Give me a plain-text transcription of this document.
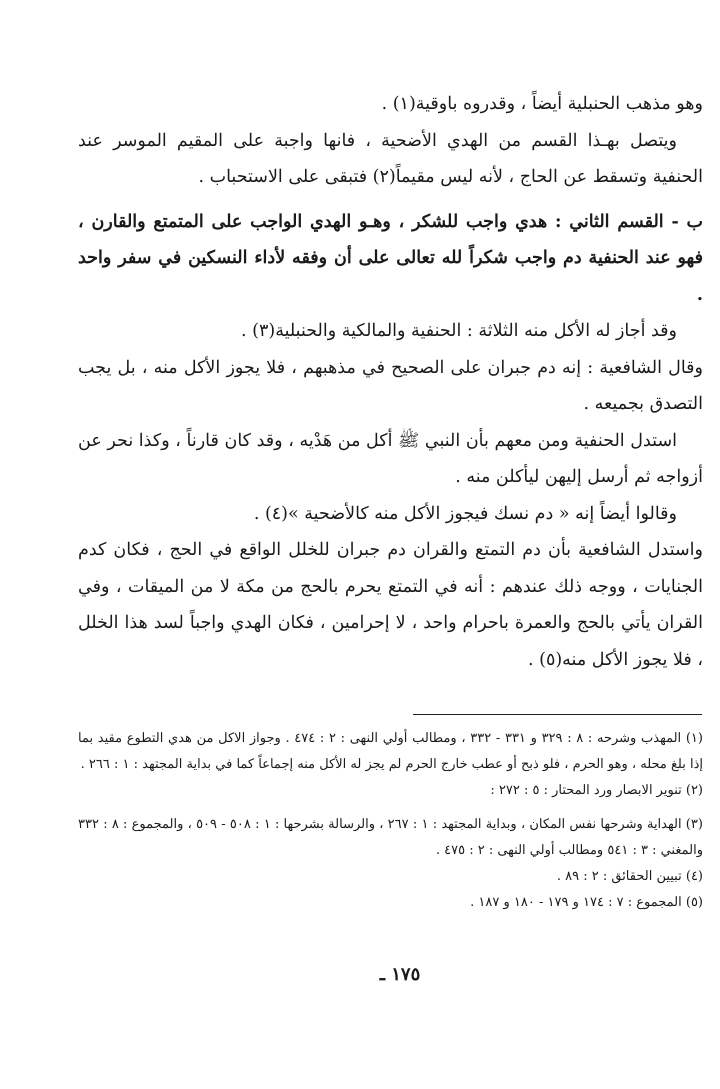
وهو مذهب الحنبلية أيضاً ، وقدروه باوقية(١) .

ويتصل بهـذا القسم من الهدي الأضحية ، فانها واجبة على المقيم الموسر عند الحنفية وتسقط عن الحاج ، لأنه ليس مقيماً(٢) فتبقى على الاستحباب .

ب - القسم الثاني : هدي واجب للشكر ، وهـو الهدي الواجب على المتمتع والقارن ، فهو عند الحنفية دم واجب شكراً لله تعالى على أن وفقه لأداء النسكين في سفر واحد .

وقد أجاز له الأكل منه الثلاثة : الحنفية والمالكية والحنبلية(٣) .

وقال الشافعية : إنه دم جبران على الصحيح في مذهبهم ، فلا يجوز الأكل منه ، بل يجب التصدق بجميعه .

استدل الحنفية ومن معهم بأن النبي ﷺ أكل من هَدْيه ، وقد كان قارناً ، وكذا نحر عن أزواجه ثم أرسل إليهن ليأكلن منه .

وقالوا أيضاً إنه « دم نسك فيجوز الأكل منه كالأضحية »(٤) .

واستدل الشافعية بأن دم التمتع والقران دم جبران للخلل الواقع في الحج ، فكان كدم الجنايات ، ووجه ذلك عندهم : أنه في التمتع يحرم بالحج من مكة لا من الميقات ، وفي القران يأتي بالحج والعمرة باحرام واحد ، لا إحرامين ، فكان الهدي واجباً لسد هذا الخلل ، فلا يجوز الأكل منه(٥) .

(١) المهذب وشرحه : ٨ : ٣٢٩ و ٣٣١ - ٣٣٢ ، ومطالب أولي النهى : ٢ : ٤٧٤ . وجواز الاكل من هدي التطوع مقيد بما إذا بلغ محله ، وهو الحرم ، فلو ذبح أو عطب خارج الحرم لم يجز له الأكل منه إجماعاً كما في بداية المجتهد : ١ : ٢٦٦ .

(٢) تنوير الابصار ورد المحتار : ٥ : ٢٧٢ :

(٣) الهداية وشرحها نفس المكان ، وبداية المجتهد : ١ : ٢٦٧ ، والرسالة بشرحها : ١ : ٥٠٨ - ٥٠٩ ، والمجموع : ٨ : ٣٣٢ والمغني : ٣ : ٥٤١ ومطالب أولي النهى : ٢ : ٤٧٥ .

(٤) تبيين الحقائق : ٢ : ٨٩ .

(٥) المجموع : ٧ : ١٧٤ و ١٧٩ - ١٨٠ و ١٨٧ .

١٧٥ ـ
